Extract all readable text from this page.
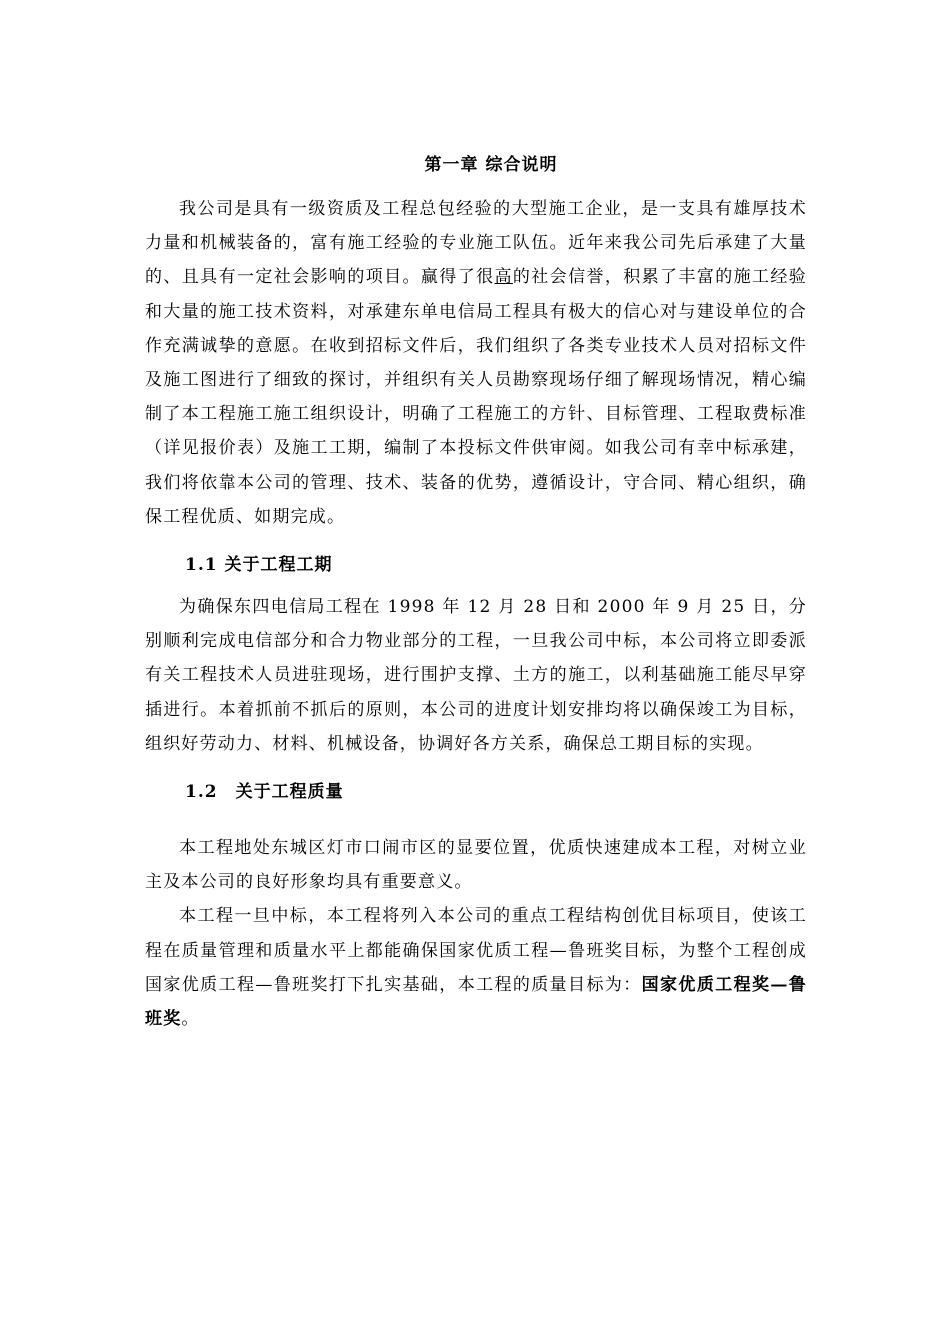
第一章 综合说明

我公司是具有一级资质及工程总包经验的大型施工企业，是一支具有雄厚技术力量和机械装备的，富有施工经验的专业施工队伍。近年来我公司先后承建了大量的、且具有一定社会影响的项目。赢得了很高的社会信誉，积累了丰富的施工经验和大量的施工技术资料，对承建东单电信局工程具有极大的信心对与建设单位的合作充满诚挚的意愿。在收到招标文件后，我们组织了各类专业技术人员对招标文件及施工图进行了细致的探讨，并组织有关人员勘察现场仔细了解现场情况，精心编制了本工程施工施工组织设计，明确了工程施工的方针、目标管理、工程取费标准（详见报价表）及施工工期，编制了本投标文件供审阅。如我公司有幸中标承建，我们将依靠本公司的管理、技术、装备的优势，遵循设计，守合同、精心组织，确保工程优质、如期完成。

1.1 关于工程工期

为确保东四电信局工程在 1998 年 12 月 28 日和 2000 年 9 月 25 日，分别顺利完成电信部分和合力物业部分的工程，一旦我公司中标，本公司将立即委派有关工程技术人员进驻现场，进行围护支撑、土方的施工，以利基础施工能尽早穿插进行。本着抓前不抓后的原则，本公司的进度计划安排均将以确保竣工为目标，组织好劳动力、材料、机械设备，协调好各方关系，确保总工期目标的实现。

1.2　关于工程质量

本工程地处东城区灯市口闹市区的显要位置，优质快速建成本工程，对树立业主及本公司的良好形象均具有重要意义。

本工程一旦中标，本工程将列入本公司的重点工程结构创优目标项目，使该工程在质量管理和质量水平上都能确保国家优质工程—鲁班奖目标，为整个工程创成国家优质工程—鲁班奖打下扎实基础，本工程的质量目标为：国家优质工程奖—鲁班奖。
